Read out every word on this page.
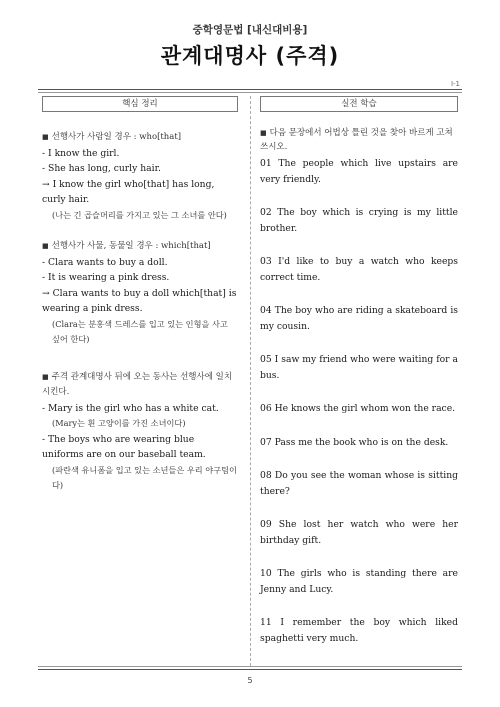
중학영문법 [내신대비용]
관계대명사 (주격)
I-1
핵심 정리

■ 선행사가 사람일 경우 : who[that]

- I know the girl.

- She has long, curly hair.

→ I know the girl who[that] has long, curly hair.

(나는 긴 곱슬머리를 가지고 있는 그 소녀를 안다)

■ 선행사가 사물, 동물일 경우 : which[that]

- Clara wants to buy a doll.

- It is wearing a pink dress.

→ Clara wants to buy a doll which[that] is wearing a pink dress.

(Clara는 분홍색 드레스를 입고 있는 인형을 사고 싶어 한다)

■ 주격 관계대명사 뒤에 오는 동사는 선행사에 일치시킨다.

- Mary is the girl who has a white cat.

(Mary는 흰 고양이를 가진 소녀이다)

- The boys who are wearing blue uniforms are on our baseball team.

(파란색 유니폼을 입고 있는 소년들은 우리 야구팀이다)

실전 학습

■ 다음 문장에서 어법상 틀린 것을 찾아 바르게 고쳐 쓰시오.

01 The people which live upstairs are very friendly.

02 The boy which is crying is my little brother.

03 I'd like to buy a watch who keeps correct time.

04 The boy who are riding a skateboard is my cousin.

05 I saw my friend who were waiting for a bus.

06 He knows the girl whom won the race.

07 Pass me the book who is on the desk.

08 Do you see the woman whose is sitting there?

09 She lost her watch who were her birthday gift.

10 The girls who is standing there are Jenny and Lucy.

11 I remember the boy which liked spaghetti very much.

5
